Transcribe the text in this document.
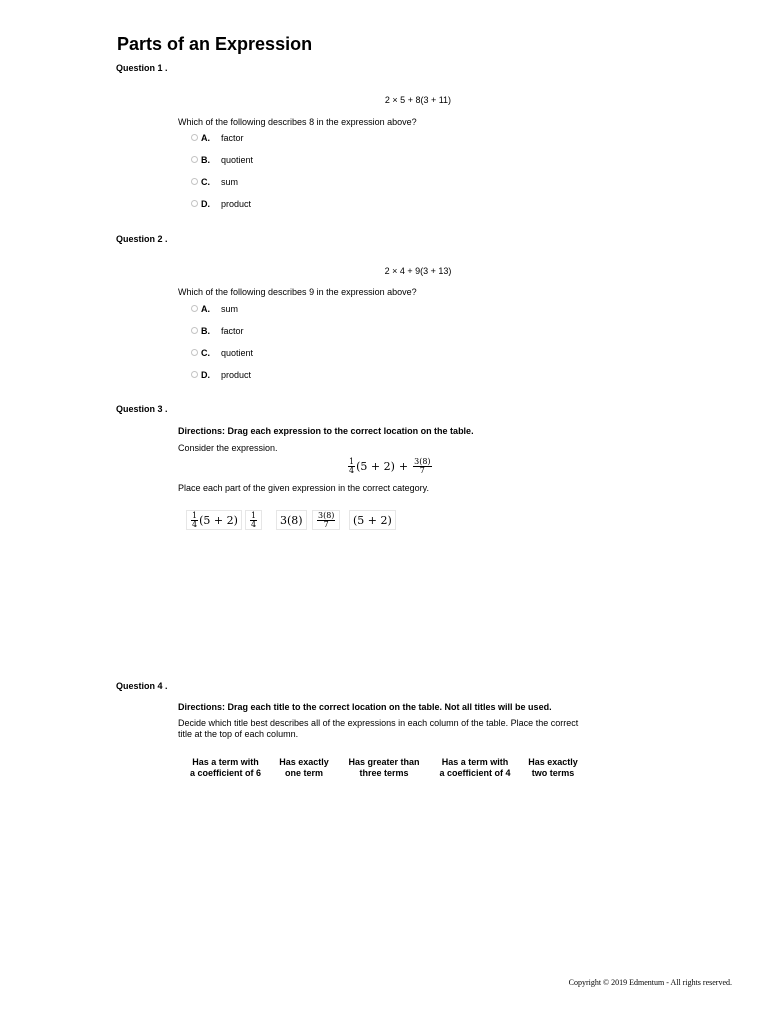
Parts of an Expression
Question 1 .
2 × 5 + 8(3 + 11)
Which of the following describes 8 in the expression above?
A.	factor
B.	quotient
C.	sum
D.	product
Question 2 .
2 × 4 + 9(3 + 13)
Which of the following describes 9 in the expression above?
A.	sum
B.	factor
C.	quotient
D.	product
Question 3 .
Directions: Drag each expression to the correct location on the table.
Consider the expression.
$\frac{1}{4} (5 + 2) + \frac{3(8)}{7}$
Place each part of the given expression in the correct category.
$\frac{1}{4} (5 + 2) \frac{1}{4} 3(8) \frac{3(8)}{7} (5 + 2)$
Question 4 .
Directions: Drag each title to the correct location on the table. Not all titles will be used.
Decide which title best describes all of the expressions in each column of the table. Place the correct title at the top of each column.
Has a term with
a coefficient of 6
Has exactly
one term
Has greater than
three terms
Has a term with
a coefficient of 4
Has exactly
two terms
Copyright © 2019 Edmentum - All rights reserved.
